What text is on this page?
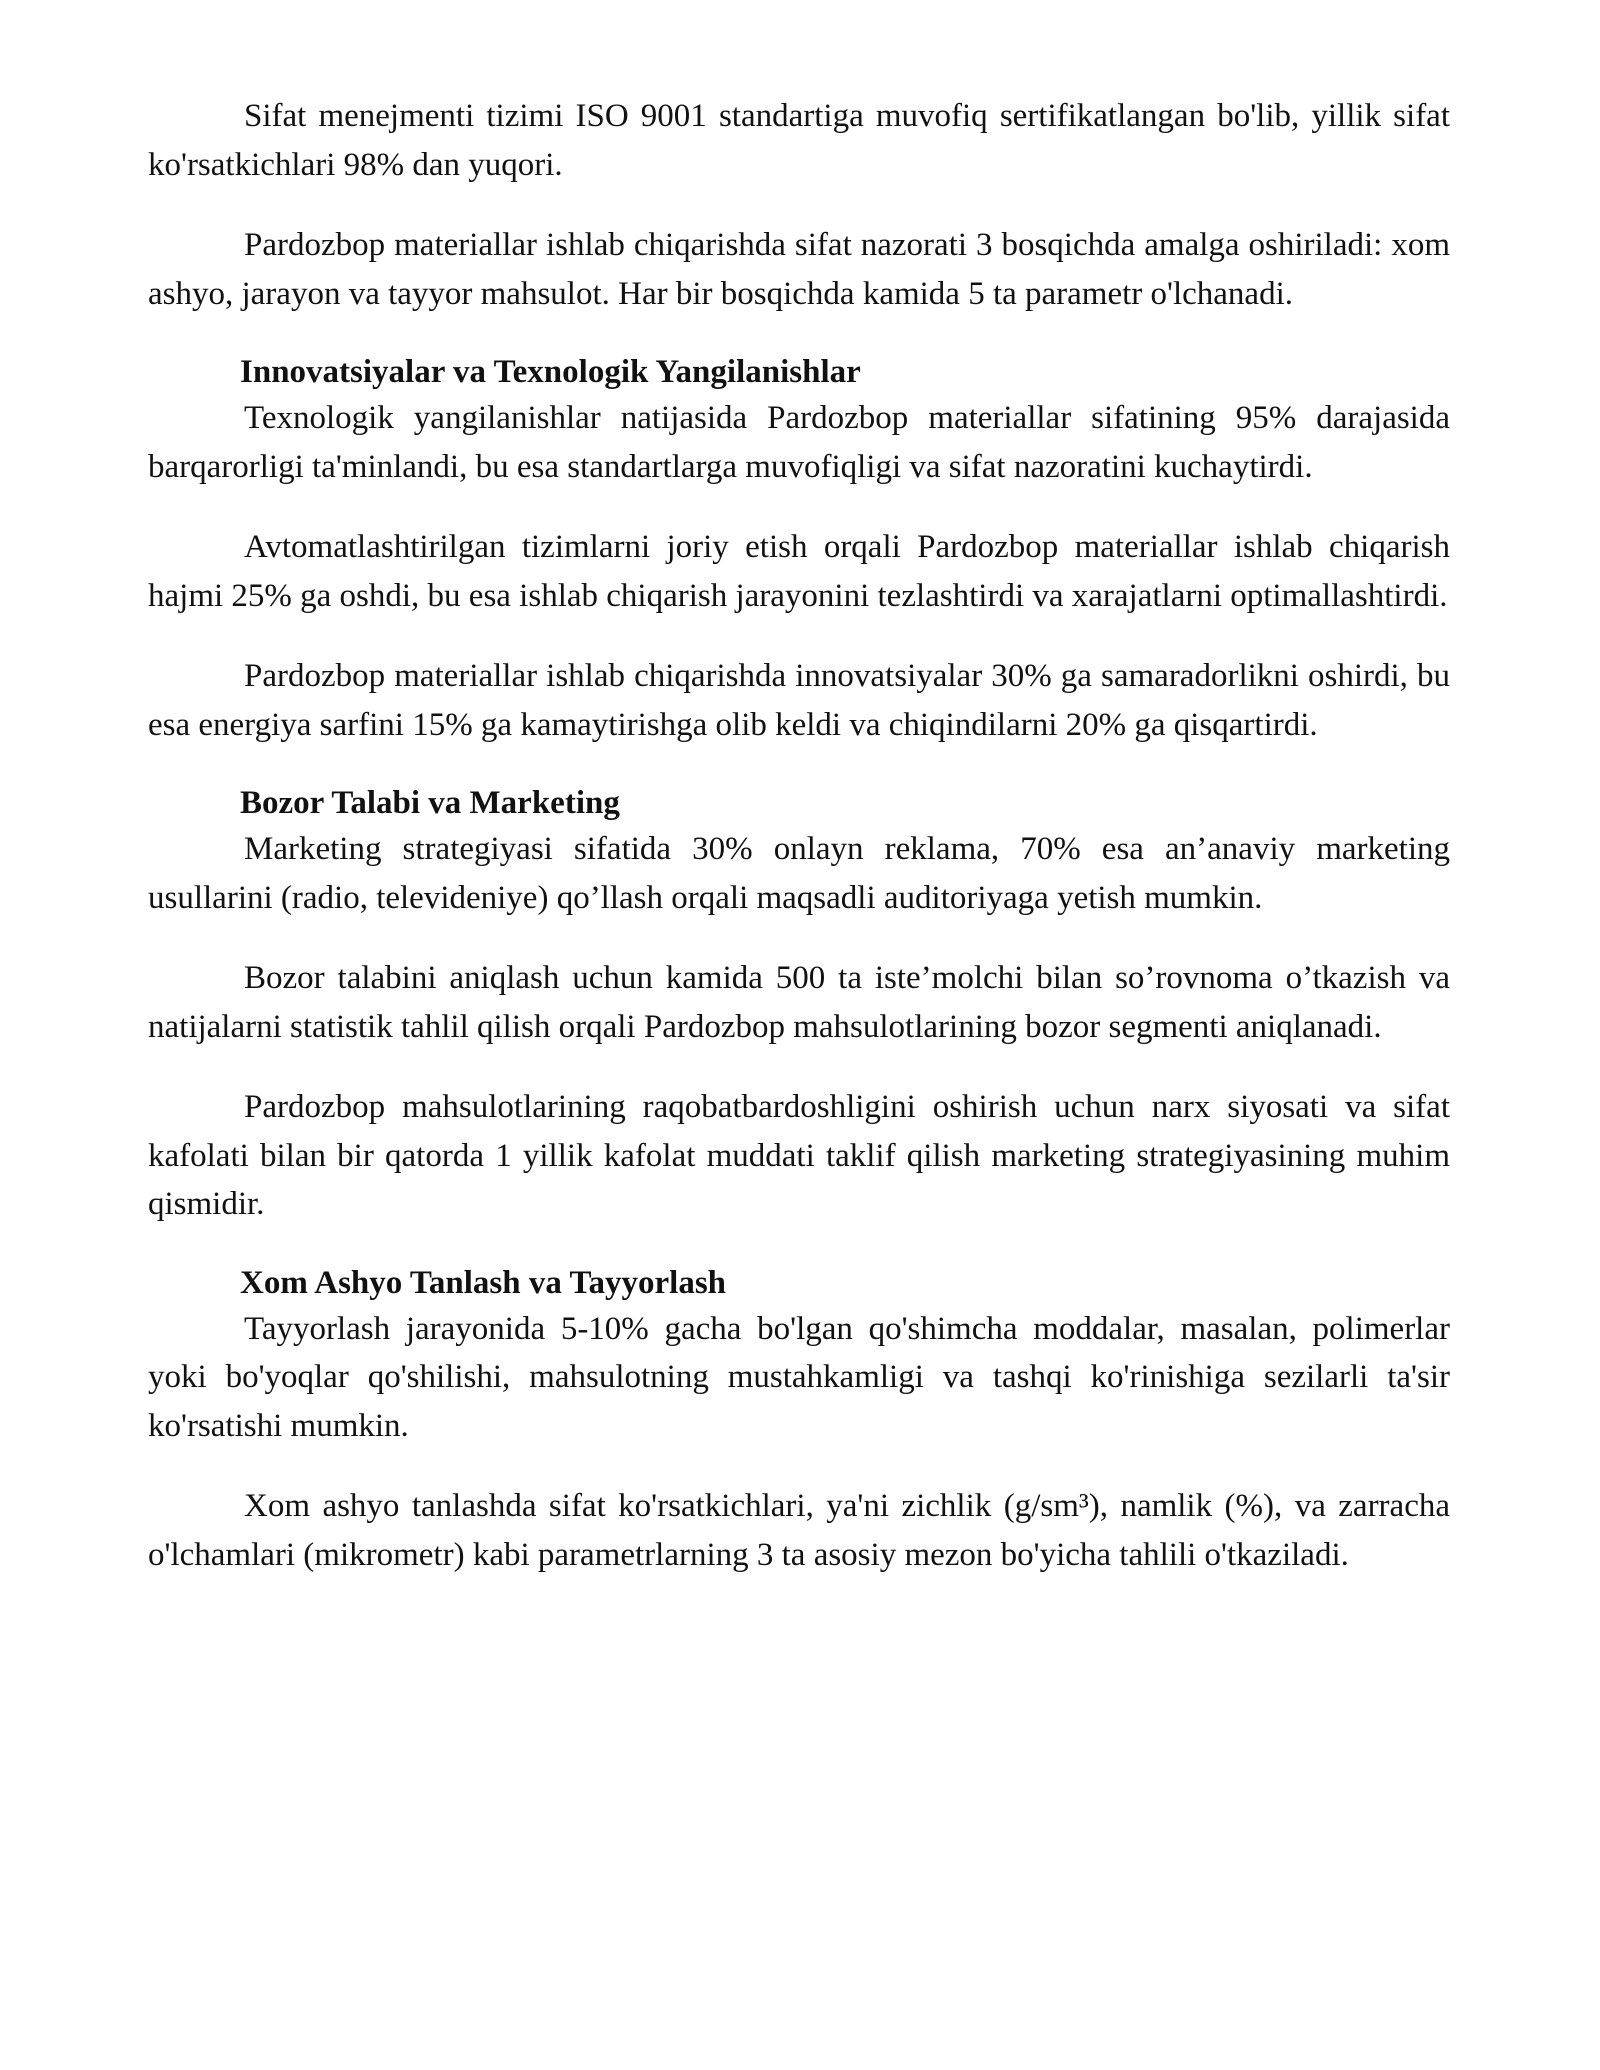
Sifat menejmenti tizimi ISO 9001 standartiga muvofiq sertifikatlangan bo'lib, yillik sifat ko'rsatkichlari 98% dan yuqori.

Pardozbop materiallar ishlab chiqarishda sifat nazorati 3 bosqichda amalga oshiriladi: xom ashyo, jarayon va tayyor mahsulot. Har bir bosqichda kamida 5 ta parametr o'lchanadi.

Innovatsiyalar va Texnologik Yangilanishlar

Texnologik yangilanishlar natijasida Pardozbop materiallar sifatining 95% darajasida barqarorligi ta'minlandi, bu esa standartlarga muvofiqligi va sifat nazoratini kuchaytirdi.

Avtomatlashtirilgan tizimlarni joriy etish orqali Pardozbop materiallar ishlab chiqarish hajmi 25% ga oshdi, bu esa ishlab chiqarish jarayonini tezlashtirdi va xarajatlarni optimallashtirdi.

Pardozbop materiallar ishlab chiqarishda innovatsiyalar 30% ga samaradorlikni oshirdi, bu esa energiya sarfini 15% ga kamaytirishga olib keldi va chiqindilarni 20% ga qisqartirdi.

Bozor Talabi va Marketing

Marketing strategiyasi sifatida 30% onlayn reklama, 70% esa an’anaviy marketing usullarini (radio, televideniye) qo’llash orqali maqsadli auditoriyaga yetish mumkin.

Bozor talabini aniqlash uchun kamida 500 ta iste’molchi bilan so’rovnoma o’tkazish va natijalarni statistik tahlil qilish orqali Pardozbop mahsulotlarining bozor segmenti aniqlanadi.

Pardozbop mahsulotlarining raqobatbardoshligini oshirish uchun narx siyosati va sifat kafolati bilan bir qatorda 1 yillik kafolat muddati taklif qilish marketing strategiyasining muhim qismidir.

Xom Ashyo Tanlash va Tayyorlash

Tayyorlash jarayonida 5-10% gacha bo'lgan qo'shimcha moddalar, masalan, polimerlar yoki bo'yoqlar qo'shilishi, mahsulotning mustahkamligi va tashqi ko'rinishiga sezilarli ta'sir ko'rsatishi mumkin.

Xom ashyo tanlashda sifat ko'rsatkichlari, ya'ni zichlik (g/sm³), namlik (%), va zarracha o'lchamlari (mikrometr) kabi parametrlarning 3 ta asosiy mezon bo'yicha tahlili o'tkaziladi.
